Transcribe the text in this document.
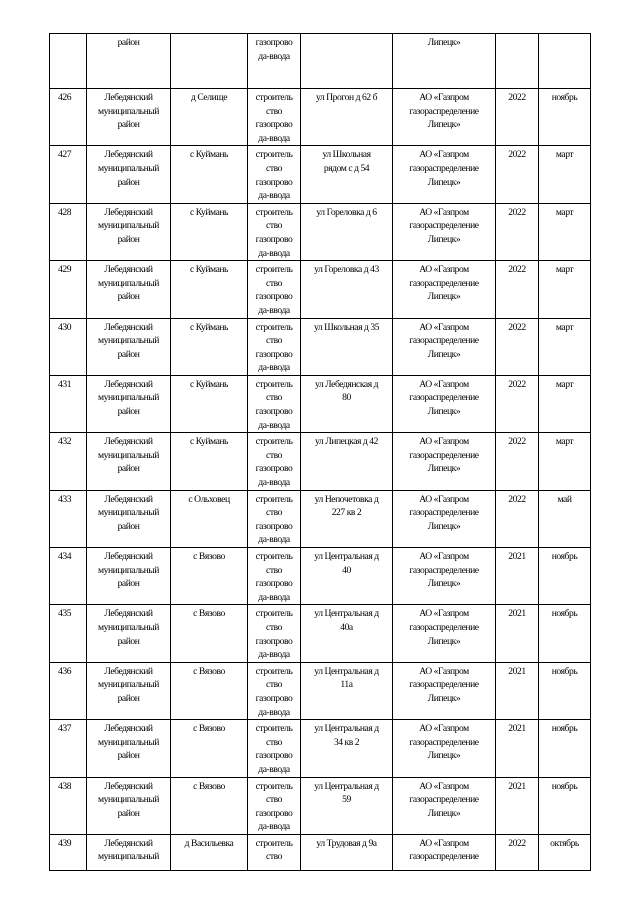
	район		газопрово
да-ввода		Липецк»		
426	Лебедянский
муниципальный
район	д Селище	строитель
ство
газопрово
да-ввода	ул Прогон д 62 б	АО «Газпром
газораспределение
Липецк»	2022	ноябрь
427	Лебедянский
муниципальный
район	с Куймань	строитель
ство
газопрово
да-ввода	ул Школьная
рядом с д 54	АО «Газпром
газораспределение
Липецк»	2022	март
428	Лебедянский
муниципальный
район	с Куймань	строитель
ство
газопрово
да-ввода	ул Гореловка д 6	АО «Газпром
газораспределение
Липецк»	2022	март
429	Лебедянский
муниципальный
район	с Куймань	строитель
ство
газопрово
да-ввода	ул Гореловка д 43	АО «Газпром
газораспределение
Липецк»	2022	март
430	Лебедянский
муниципальный
район	с Куймань	строитель
ство
газопрово
да-ввода	ул Школьная д 35	АО «Газпром
газораспределение
Липецк»	2022	март
431	Лебедянский
муниципальный
район	с Куймань	строитель
ство
газопрово
да-ввода	ул Лебедянская д
80	АО «Газпром
газораспределение
Липецк»	2022	март
432	Лебедянский
муниципальный
район	с Куймань	строитель
ство
газопрово
да-ввода	ул Липецкая д 42	АО «Газпром
газораспределение
Липецк»	2022	март
433	Лебедянский
муниципальный
район	с Ольховец	строитель
ство
газопрово
да-ввода	ул Непочетовка д
227 кв 2	АО «Газпром
газораспределение
Липецк»	2022	май
434	Лебедянский
муниципальный
район	с Вязово	строитель
ство
газопрово
да-ввода	ул Центральная д
40	АО «Газпром
газораспределение
Липецк»	2021	ноябрь
435	Лебедянский
муниципальный
район	с Вязово	строитель
ство
газопрово
да-ввода	ул Центральная д
40а	АО «Газпром
газораспределение
Липецк»	2021	ноябрь
436	Лебедянский
муниципальный
район	с Вязово	строитель
ство
газопрово
да-ввода	ул Центральная д
11а	АО «Газпром
газораспределение
Липецк»	2021	ноябрь
437	Лебедянский
муниципальный
район	с Вязово	строитель
ство
газопрово
да-ввода	ул Центральная д
34 кв 2	АО «Газпром
газораспределение
Липецк»	2021	ноябрь
438	Лебедянский
муниципальный
район	с Вязово	строитель
ство
газопрово
да-ввода	ул Центральная д
59	АО «Газпром
газораспределение
Липецк»	2021	ноябрь
439	Лебедянский
муниципальный	д Васильевка	строитель
ство	ул Трудовая д 9а	АО «Газпром
газораспределение	2022	октябрь
